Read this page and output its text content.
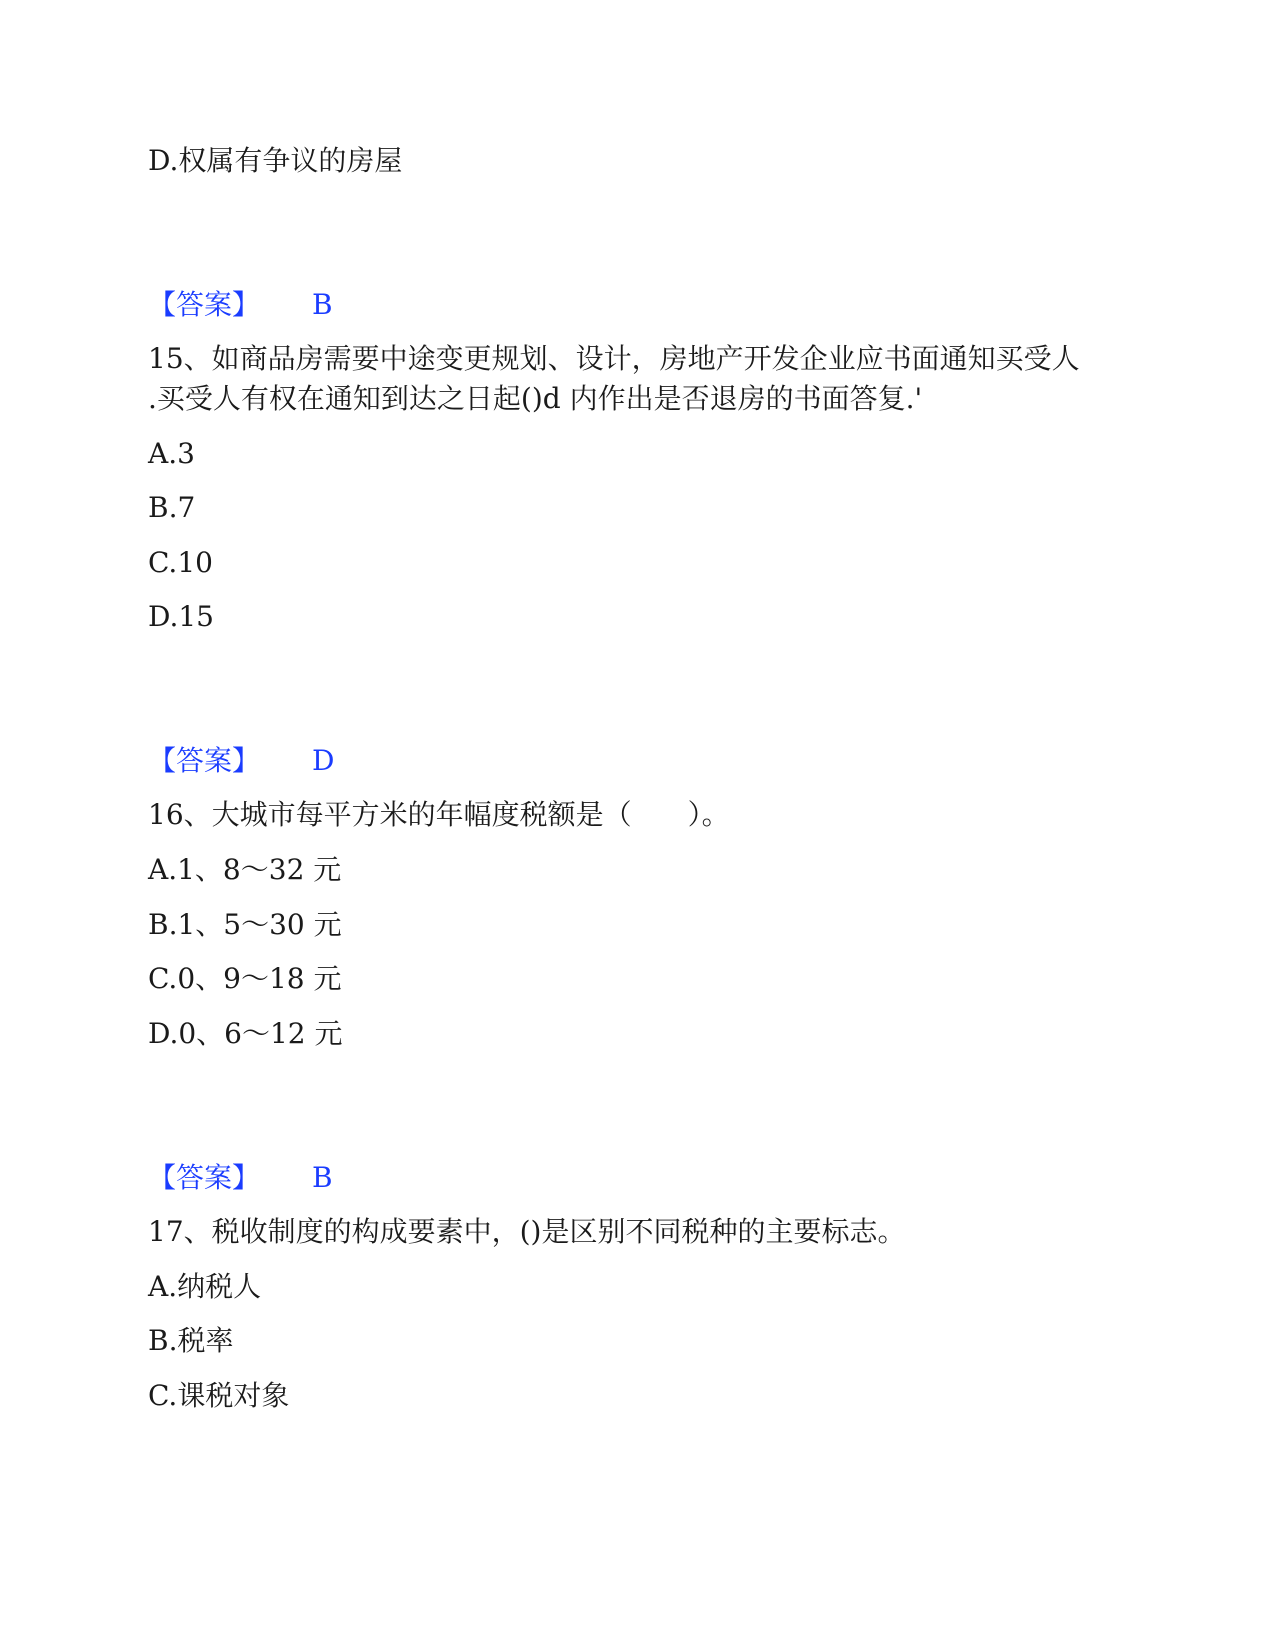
D.权属有争议的房屋
【答案】 B
15、如商品房需要中途变更规划、设计，房地产开发企业应书面通知买受人
.买受人有权在通知到达之日起()d 内作出是否退房的书面答复.'
A.3
B.7
C.10
D.15
【答案】 D
16、大城市每平方米的年幅度税额是（　　）。
A.1、8～32 元
B.1、5～30 元
C.0、9～18 元
D.0、6～12 元
【答案】 B
17、税收制度的构成要素中，()是区别不同税种的主要标志。
A.纳税人
B.税率
C.课税对象
